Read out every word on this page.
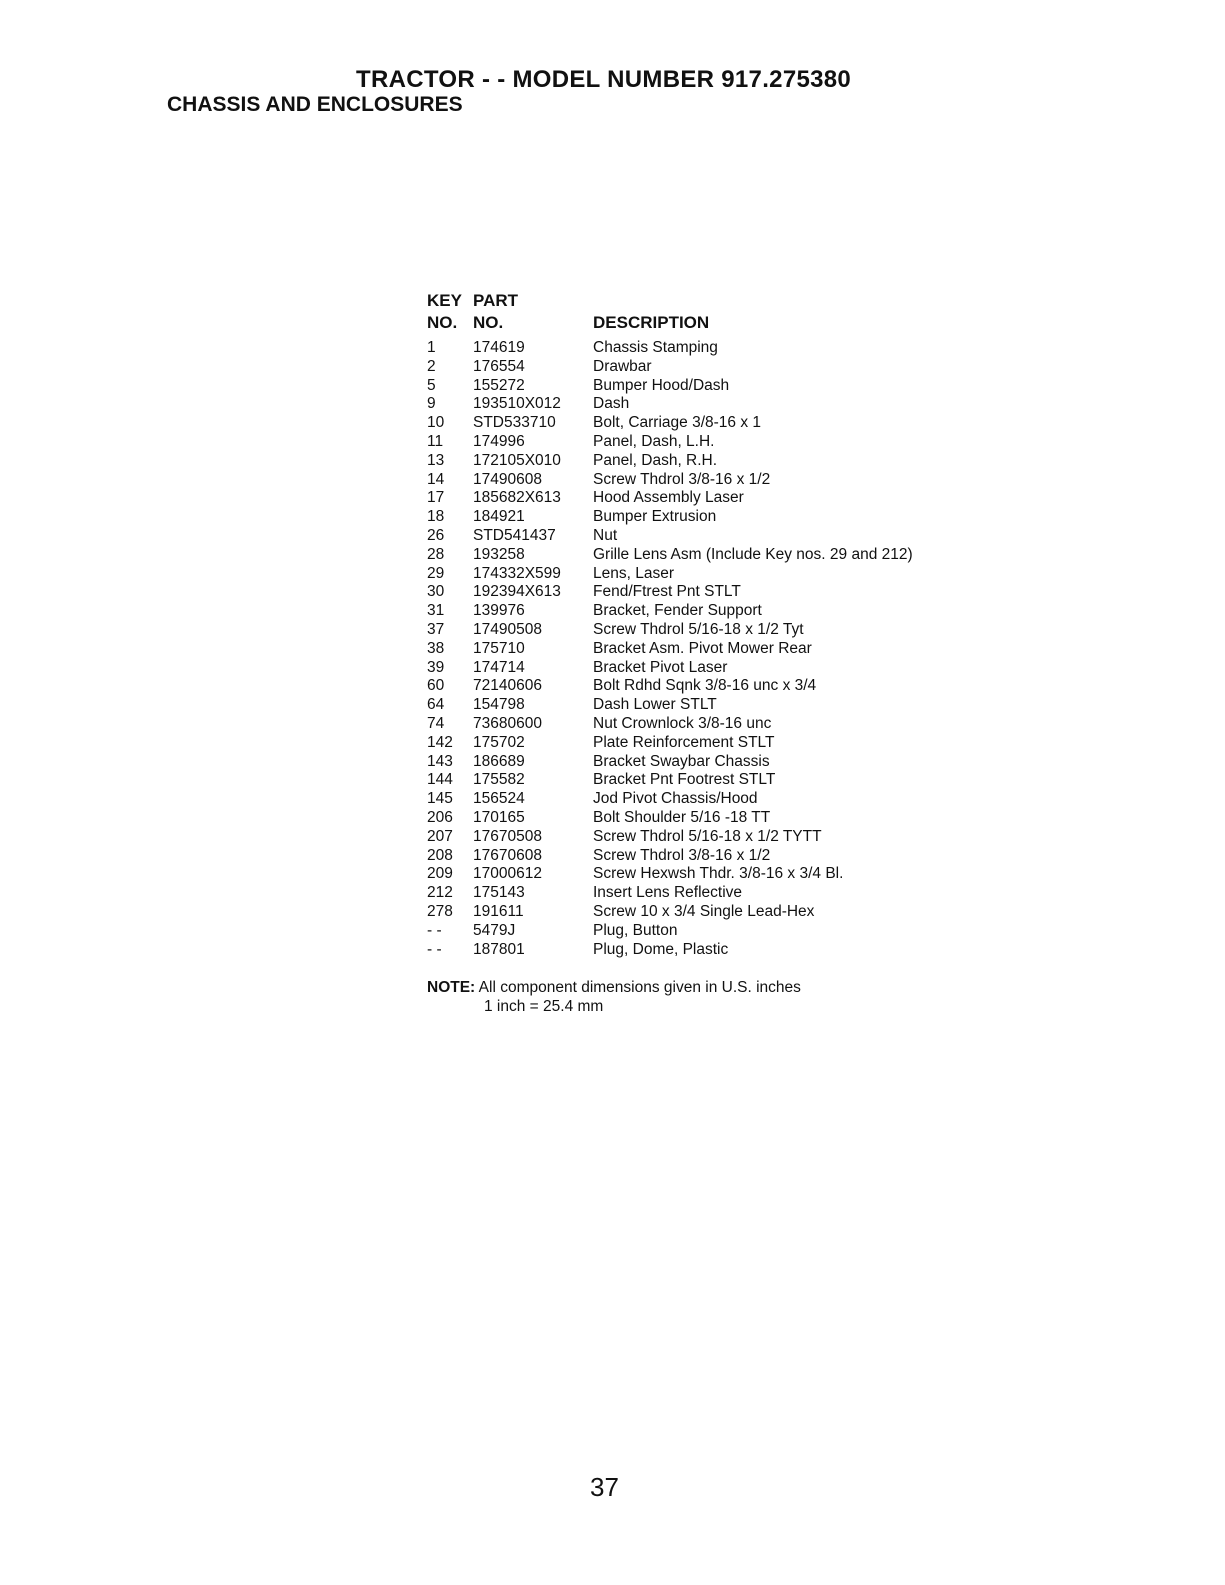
TRACTOR - - MODEL NUMBER 917.275380
CHASSIS AND ENCLOSURES
KEY PART
NO. NO.	DESCRIPTION
1 174619	Chassis Stamping
2 176554	Drawbar
5 155272	Bumper Hood/Dash
9 193510X012 Dash
10 STD533710 Bolt, Carriage 3/8-16 x 1
11 174996	Panel, Dash, L.H.
13 172105X010 Panel, Dash, R.H.
14 17490608	Screw Thdrol 3/8-16 x 1/2
17 185682X613 Hood Assembly Laser
18 184921	Bumper Extrusion
26 STD541437 Nut
28 193258	Grille Lens Asm (Include Key nos. 29 and 212)
29 174332X599 Lens, Laser
30 192394X613 Fend/Ftrest Pnt STLT
31 139976	Bracket, Fender Support
37 17490508	Screw Thdrol 5/16-18 x 1/2 Tyt
38 175710	Bracket Asm. Pivot Mower Rear
39 174714	Bracket Pivot Laser
60 72140606	Bolt Rdhd Sqnk 3/8-16 unc x 3/4
64 154798	Dash Lower STLT
74 73680600	Nut Crownlock 3/8-16 unc
142 175702	Plate Reinforcement STLT
143 186689	Bracket Swaybar Chassis
144 175582	Bracket Pnt Footrest STLT
145 156524	Jod Pivot Chassis/Hood
206 170165	Bolt Shoulder 5/16 -18 TT
207 17670508	Screw Thdrol 5/16-18 x 1/2 TYTT
208 17670608	Screw Thdrol 3/8-16 x 1/2
209 17000612	Screw Hexwsh Thdr. 3/8-16 x 3/4 Bl.
212 175143	Insert Lens Reflective
278 191611	Screw 10 x 3/4 Single Lead-Hex
- - 5479J	Plug, Button
- - 187801	Plug, Dome, Plastic
NOTE: All component dimensions given in U.S. inches
1 inch = 25.4 mm
37
